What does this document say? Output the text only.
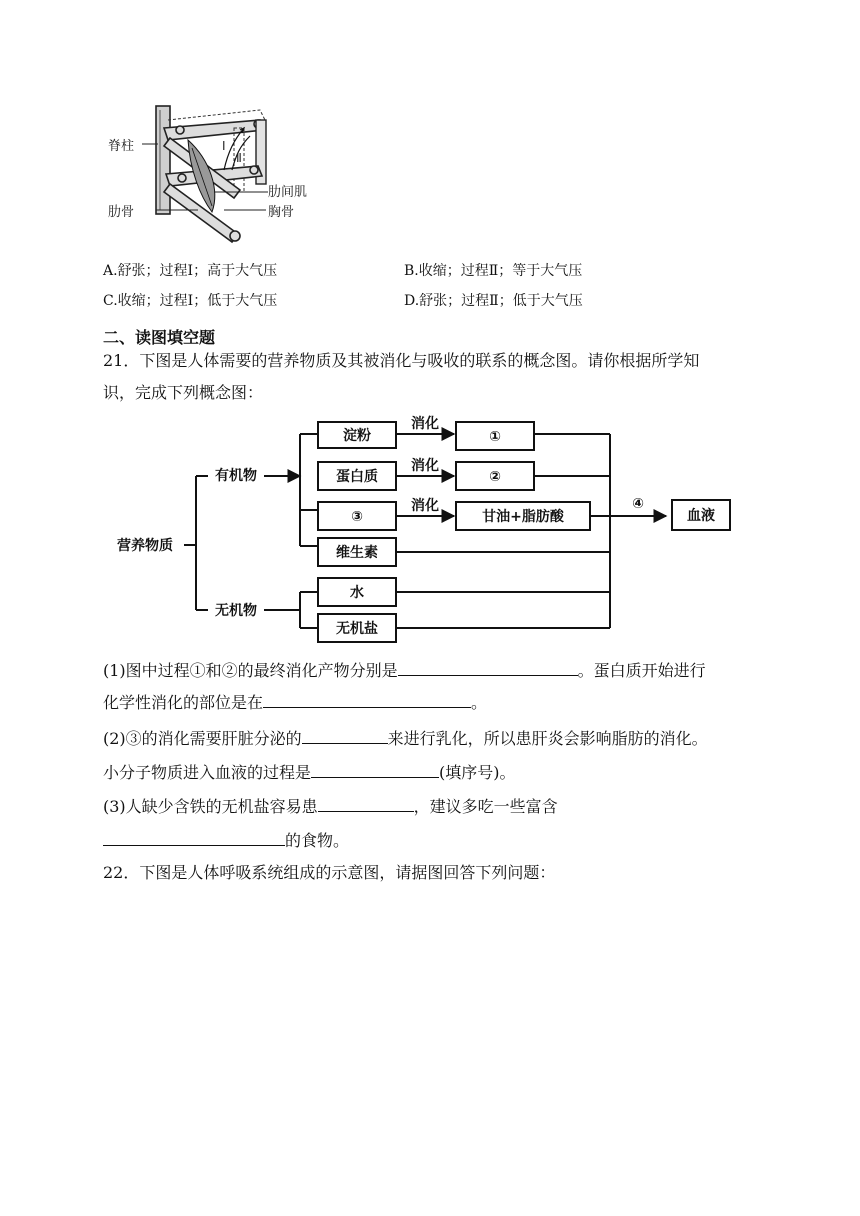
脊柱
肋骨
肋间肌
胸骨
Ⅰ
Ⅱ
A.舒张；过程Ⅰ；高于大气压	B.收缩；过程Ⅱ；等于大气压
C.收缩；过程Ⅰ；低于大气压	D.舒张；过程Ⅱ；低于大气压
二、读图填空题
21．下图是人体需要的营养物质及其被消化与吸收的联系的概念图。请你根据所学知
识，完成下列概念图：
营养物质
有机物
无机物
淀粉
蛋白质
③
维生素
水
无机盐
消化
消化
消化
①
②
甘油+脂肪酸
④
血液
(1)图中过程①和②的最终消化产物分别是	。蛋白质开始进行
化学性消化的部位是在	。
(2)③的消化需要肝脏分泌的	来进行乳化，所以患肝炎会影响脂肪的消化。
小分子物质进入血液的过程是	(填序号)。
(3)人缺少含铁的无机盐容易患	，建议多吃一些富含
的食物。
22．下图是人体呼吸系统组成的示意图，请据图回答下列问题：
